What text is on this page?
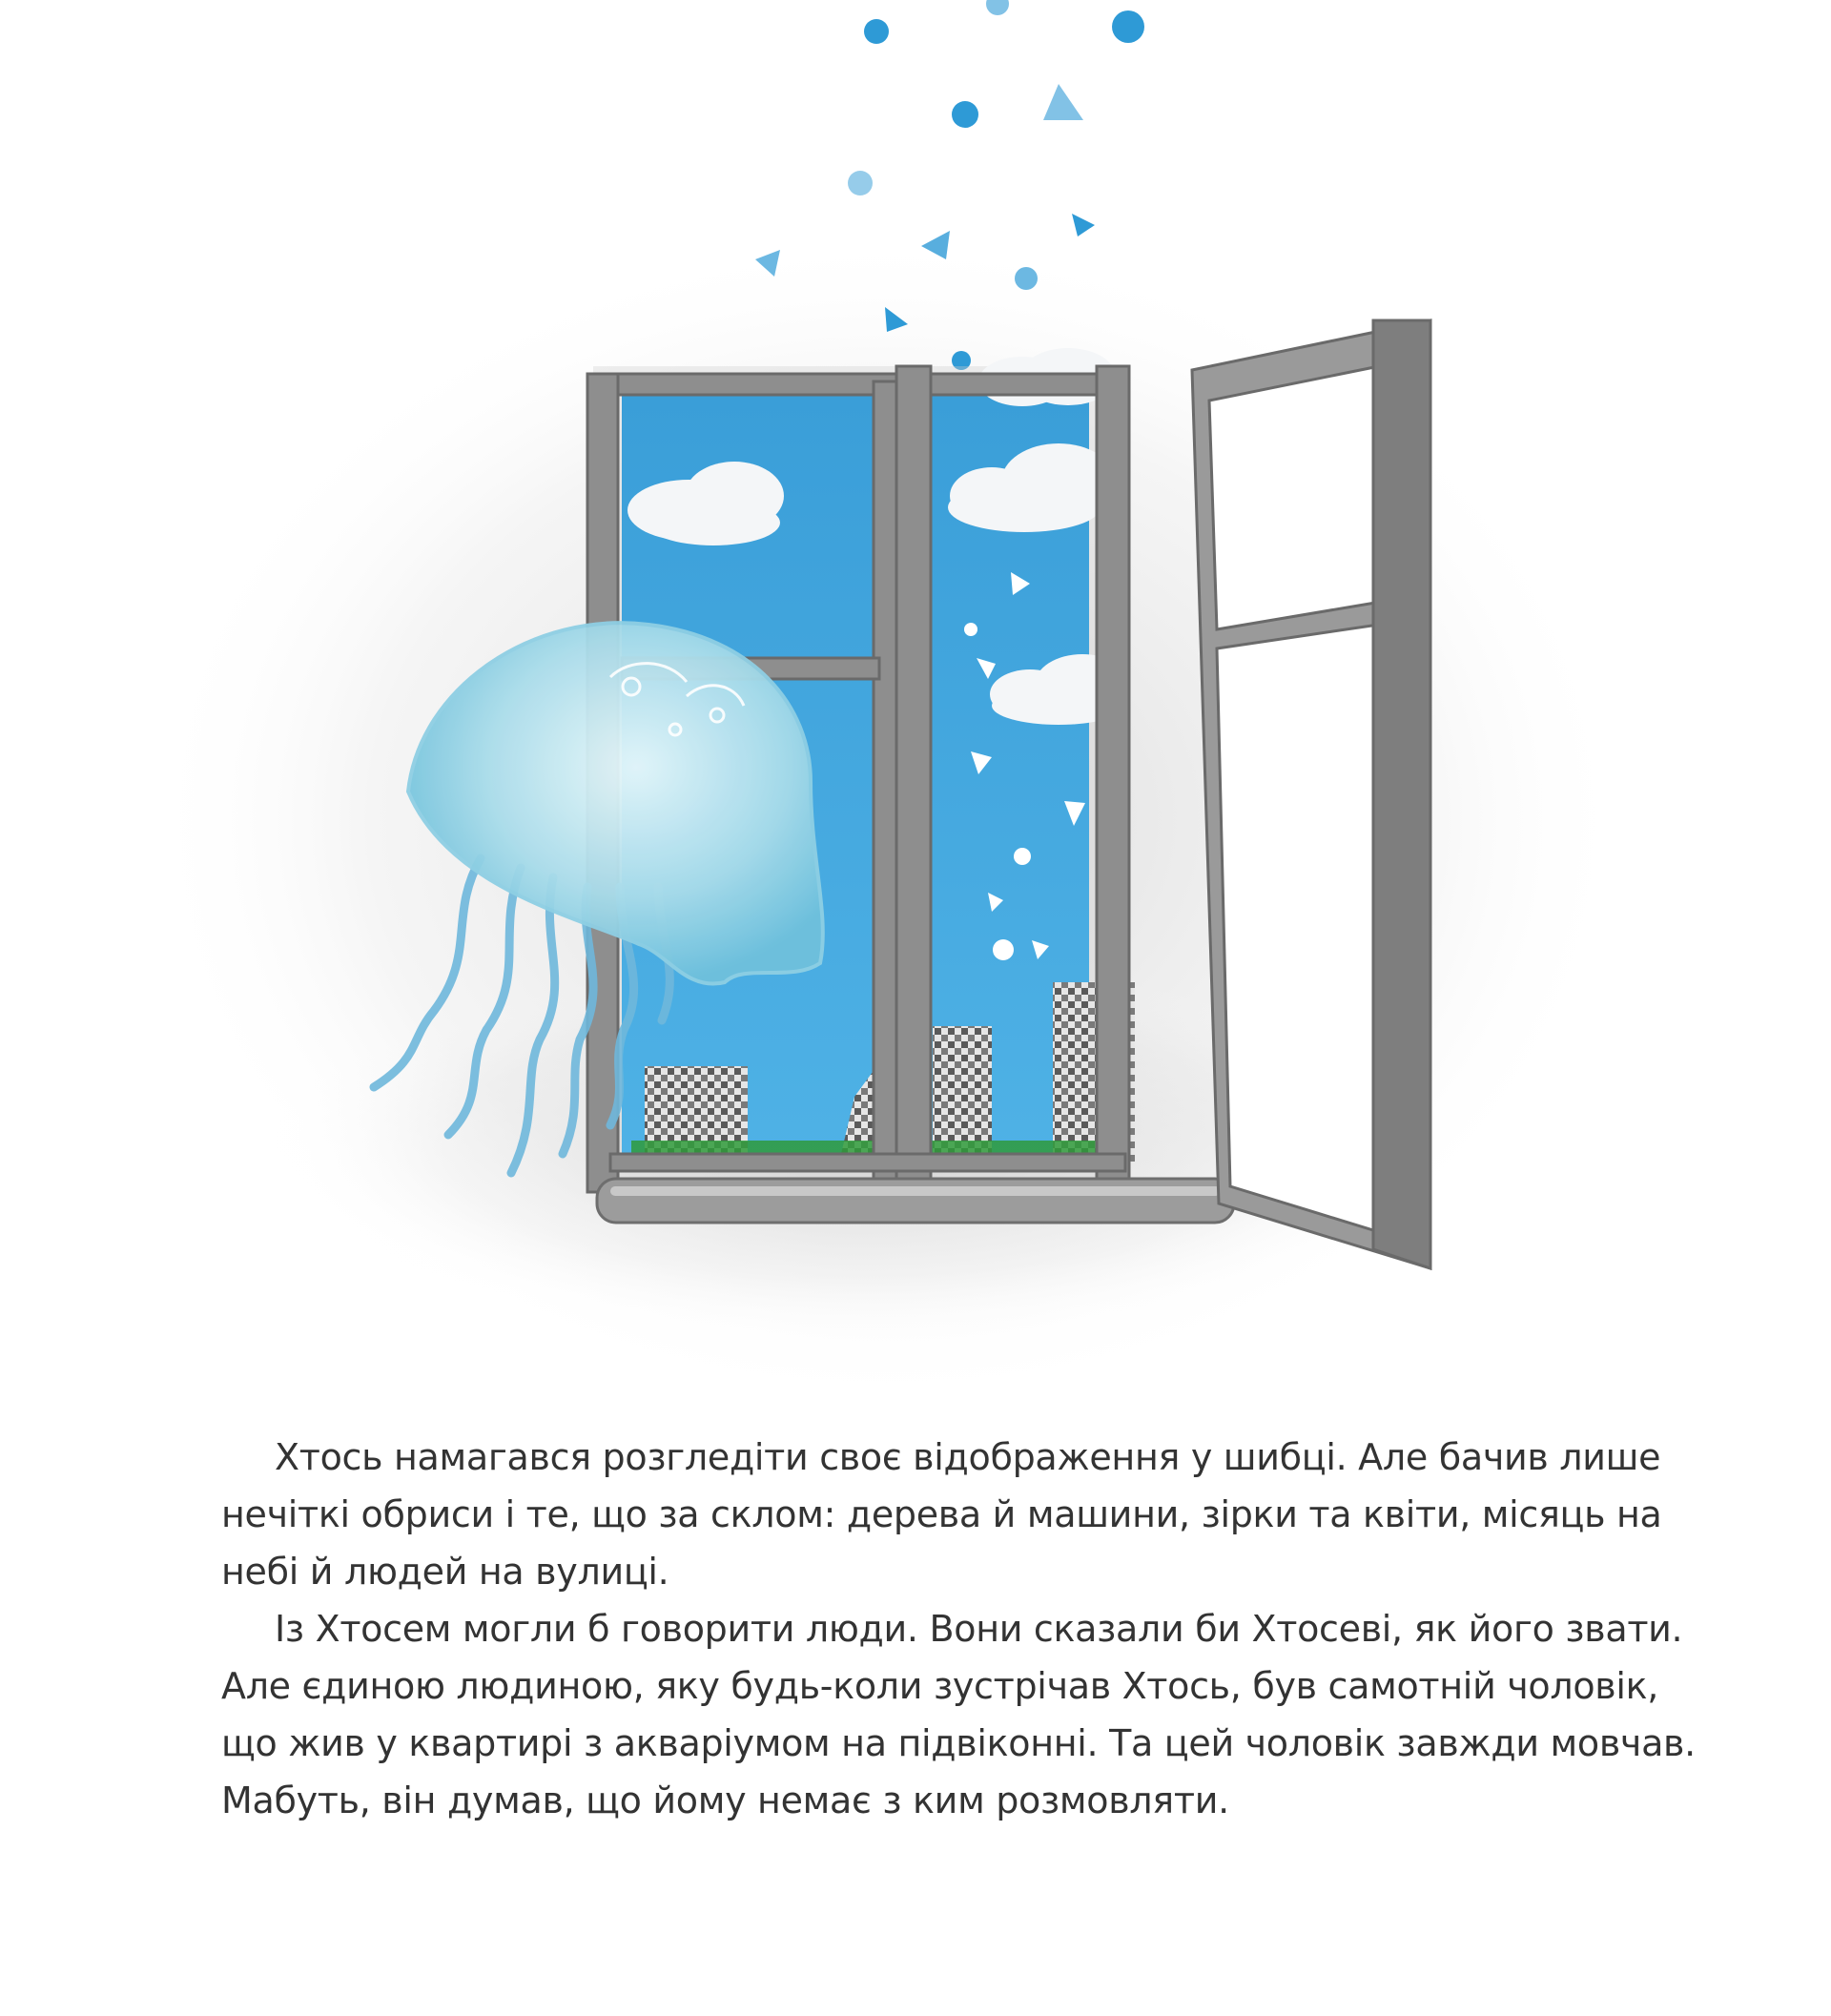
Хтось намагався розгледіти своє відображення у шибці. Але бачив лише
нечіткі обриси і те, що за склом: дерева й машини, зірки та квіти, місяць на
небі й людей на вулиці.
Із Хтосем могли б говорити люди. Вони сказали би Хтосеві, як його звати.
Але єдиною людиною, яку будь-коли зустрічав Хтось, був самотній чоловік,
що жив у квартирі з акваріумом на підвіконні. Та цей чоловік завжди мовчав.
Мабуть, він думав, що йому немає з ким розмовляти.
